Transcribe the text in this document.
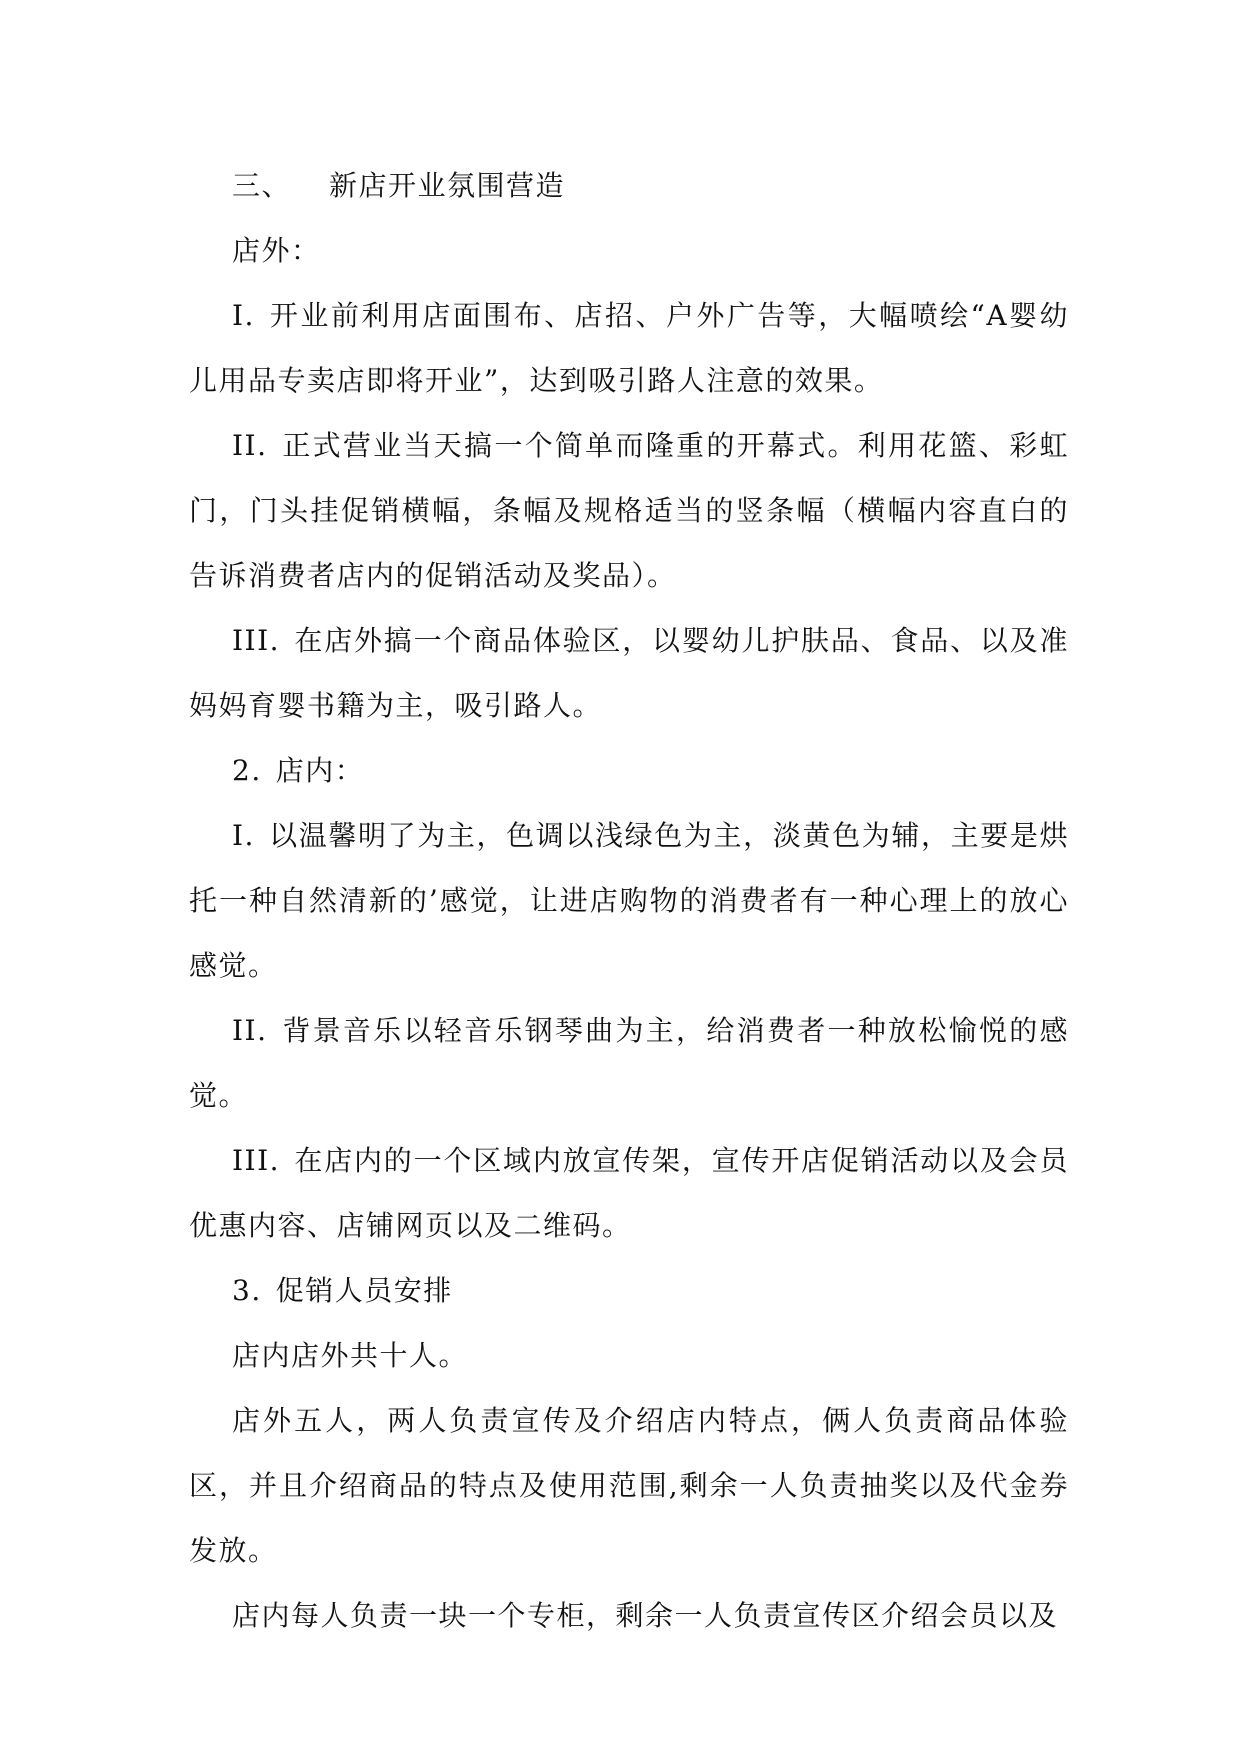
三、 新店开业氛围营造

店外：

I. 开业前利用店面围布、店招、户外广告等，大幅喷绘“A婴幼儿用品专卖店即将开业”，达到吸引路人注意的效果。

II. 正式营业当天搞一个简单而隆重的开幕式。利用花篮、彩虹门，门头挂促销横幅，条幅及规格适当的竖条幅（横幅内容直白的告诉消费者店内的促销活动及奖品）。

III. 在店外搞一个商品体验区，以婴幼儿护肤品、食品、以及准妈妈育婴书籍为主，吸引路人。

2. 店内：

I. 以温馨明了为主，色调以浅绿色为主，淡黄色为辅，主要是烘托一种自然清新的’感觉，让进店购物的消费者有一种心理上的放心感觉。

II. 背景音乐以轻音乐钢琴曲为主，给消费者一种放松愉悦的感觉。

III. 在店内的一个区域内放宣传架，宣传开店促销活动以及会员优惠内容、店铺网页以及二维码。

3. 促销人员安排

店内店外共十人。

店外五人，两人负责宣传及介绍店内特点，俩人负责商品体验区，并且介绍商品的特点及使用范围,剩余一人负责抽奖以及代金券发放。

店内每人负责一块一个专柜，剩余一人负责宣传区介绍会员以及
